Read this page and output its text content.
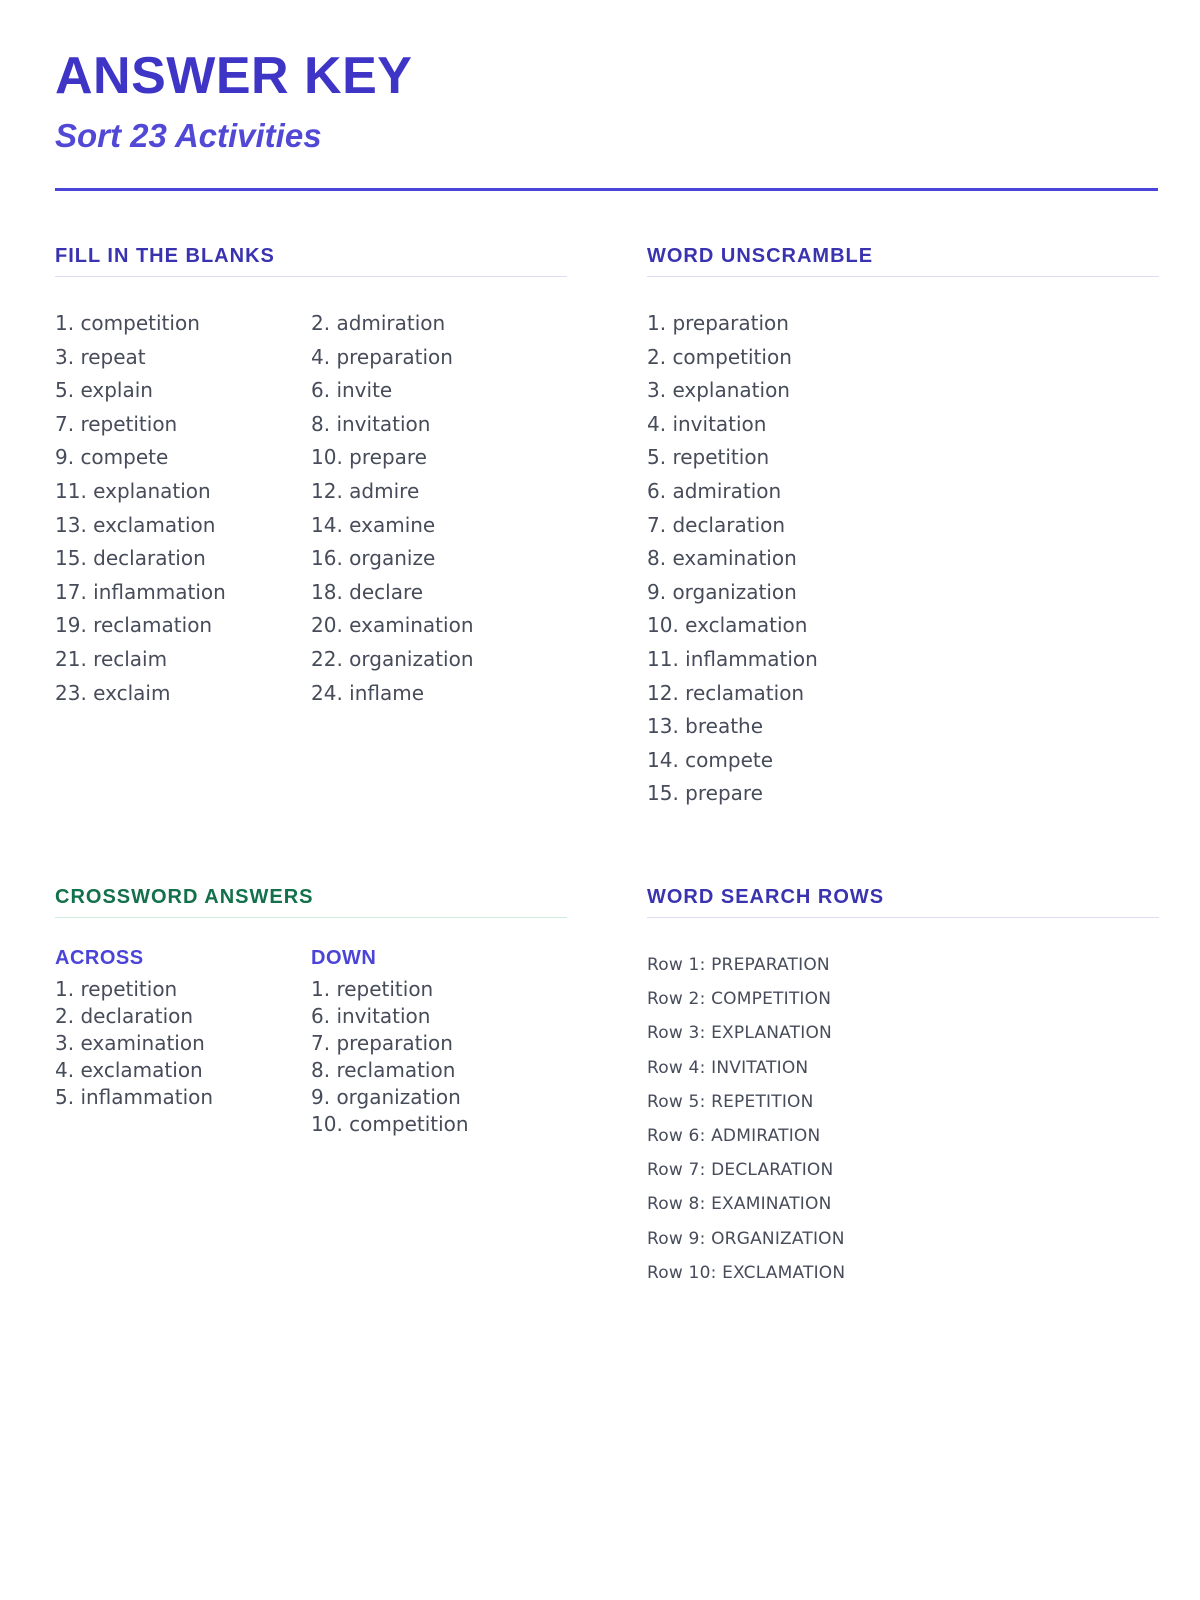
ANSWER KEY
Sort 23 Activities
FILL IN THE BLANKS
1. competition
3. repeat
5. explain
7. repetition
9. compete
11. explanation
13. exclamation
15. declaration
17. inflammation
19. reclamation
21. reclaim
23. exclaim
2. admiration
4. preparation
6. invite
8. invitation
10. prepare
12. admire
14. examine
16. organize
18. declare
20. examination
22. organization
24. inflame
WORD UNSCRAMBLE
1. preparation
2. competition
3. explanation
4. invitation
5. repetition
6. admiration
7. declaration
8. examination
9. organization
10. exclamation
11. inflammation
12. reclamation
13. breathe
14. compete
15. prepare
CROSSWORD ANSWERS
ACROSS
1. repetition
2. declaration
3. examination
4. exclamation
5. inflammation
DOWN
1. repetition
6. invitation
7. preparation
8. reclamation
9. organization
10. competition
WORD SEARCH ROWS
Row 1: PREPARATION
Row 2: COMPETITION
Row 3: EXPLANATION
Row 4: INVITATION
Row 5: REPETITION
Row 6: ADMIRATION
Row 7: DECLARATION
Row 8: EXAMINATION
Row 9: ORGANIZATION
Row 10: EXCLAMATION
